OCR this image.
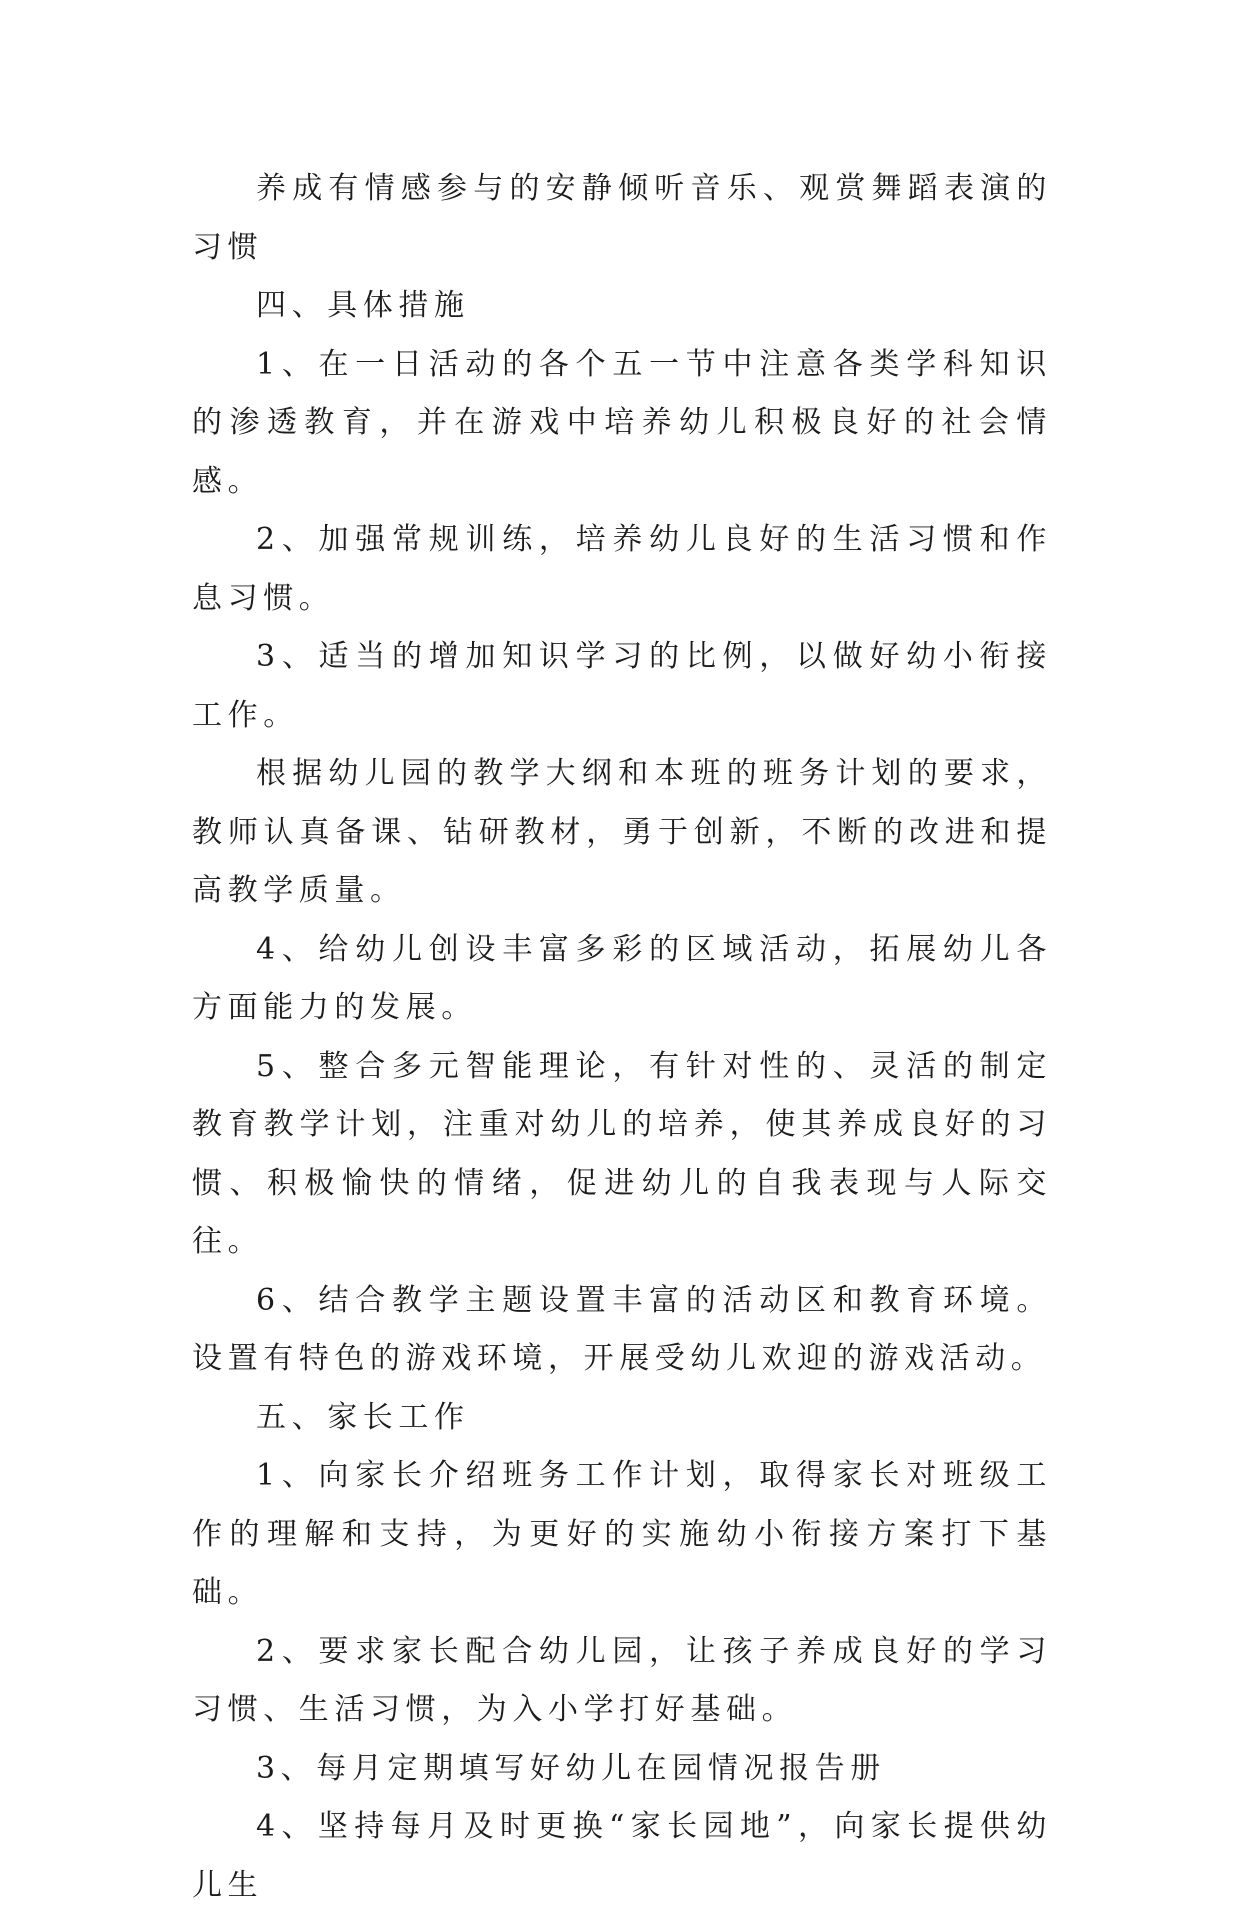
养成有情感参与的安静倾听音乐、观赏舞蹈表演的习惯

四、具体措施

1、在一日活动的各个五一节中注意各类学科知识的渗透教育，并在游戏中培养幼儿积极良好的社会情感。

2、加强常规训练，培养幼儿良好的生活习惯和作息习惯。

3、适当的增加知识学习的比例，以做好幼小衔接工作。

根据幼儿园的教学大纲和本班的班务计划的要求，教师认真备课、钻研教材，勇于创新，不断的改进和提高教学质量。

4、给幼儿创设丰富多彩的区域活动，拓展幼儿各方面能力的发展。

5、整合多元智能理论，有针对性的、灵活的制定教育教学计划，注重对幼儿的培养，使其养成良好的习惯、积极愉快的情绪，促进幼儿的自我表现与人际交往。

6、结合教学主题设置丰富的活动区和教育环境。设置有特色的游戏环境，开展受幼儿欢迎的游戏活动。

五、家长工作

1、向家长介绍班务工作计划，取得家长对班级工作的理解和支持，为更好的实施幼小衔接方案打下基础。

2、要求家长配合幼儿园，让孩子养成良好的学习习惯、生活习惯，为入小学打好基础。

3、每月定期填写好幼儿在园情况报告册

4、坚持每月及时更换“家长园地”，向家长提供幼儿生
